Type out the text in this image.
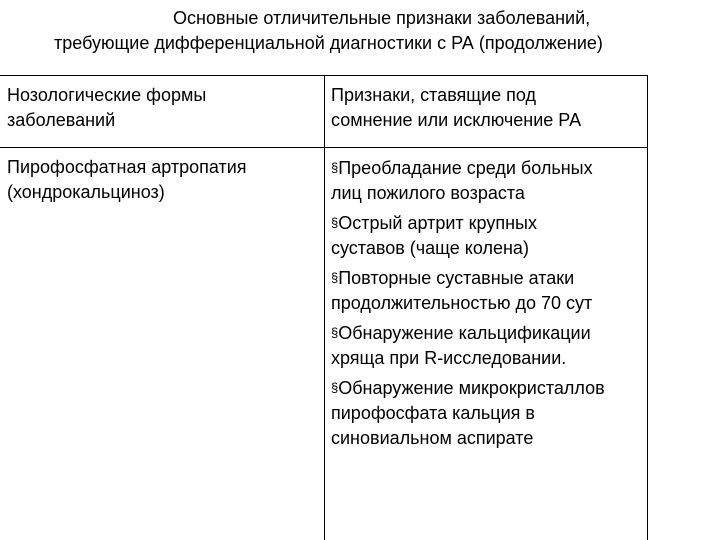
Основные отличительные признаки заболеваний,
требующие дифференциальной диагностики с РА (продолжение)
Нозологические формы
заболеваний
Признаки, ставящие под
сомнение или исключение РА
Пирофосфатная артропатия
(хондрокальциноз)
§Преобладание среди больных
лиц пожилого возраста
§Острый артрит крупных
суставов (чаще колена)
§Повторные суставные атаки
продолжительностью до 70 сут
§Обнаружение кальцификации
хряща при R-исследовании.
§Обнаружение микрокристаллов
пирофосфата кальция в
синовиальном аспирате
